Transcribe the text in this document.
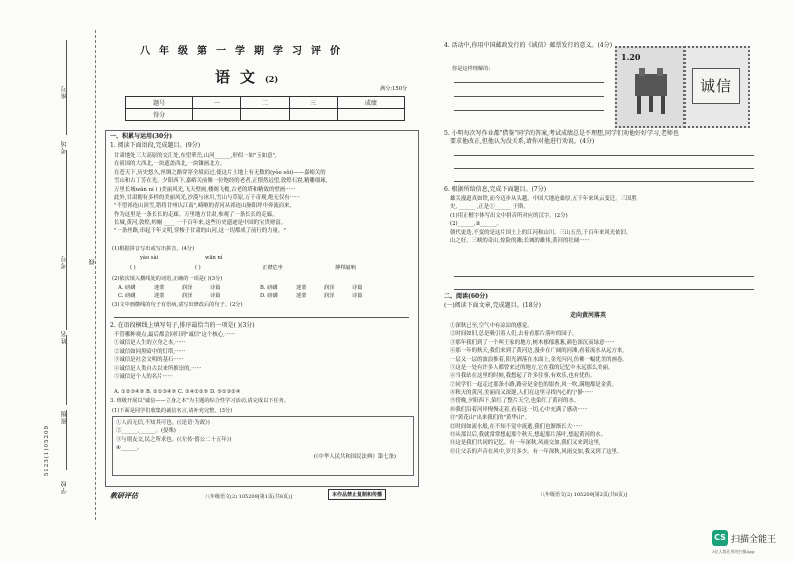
座号
考场
考号
姓名
班级
学校
5123(1)05209
线
八年级第一学期学习评价
语文(2)
满分:150分
题号	一	二	三	成绩
得分				
一、积累与运用(30分)
1. 阅读下面语段,完成题目。(9分)
甘肃地处三大高原的交汇处,东望華岳,山河______,形似一如"玉如意",
在祖国的大西北,一块遮盖西北,一块镶画北方。
在苍天下,历史悠久,丝绸之路穿穿全境而过,使这片土地上有无数的(yòo sǒi)——嘉峪关的
雪山和古丁芳在光。夕阳西下,嘉峪关前像一位饱经的老者,正憬然远望,敦煌石窟,精雕细琢,
万里长城wǎn ní ( )美丽风光,飞天壁画,楼阁飞檐,古老的塔和精致的壁画······
此外,甘肃拥有多样的美丽风光,沙漠与冰川,雪山与草原,万千奇观,绝无仅有······
"不望祁连山顶雪,错将甘州认江南",崎岖的青河从祁连山脉阳坪中奔流而来,
作为这里是一条长长的走廊。万里地方甘肃,参观了一条长长的走廊。
长城,黄河,敦煌,崆峒 ____ 一千百年来,这些历史遗迹是中国的宝贵财富。
"一条丝路,串起千年文明,穿梭于甘肃的山河,这一切都成了前行的力量。"
(1)根据拼音写出或写出拼音。(4分)
yào sài	wān ní
( )	( )	正襟危坐	搏栉敲响
(2)依次填入横线处的词语,正确的一项是( )(3分)
A. 磅礴	迷蒙	润泽	诗篇	B. 磅礴	迷蒙	润泽	诗篇
C. 磅礴	迷蒙	润泽	诗篇	D. 磅礴	迷蒙	润泽	诗篇
(3)文中画横线的句子有语病,请写出修改后的句子。(2分)
2. 在语段横线上填写句子,排序最恰当的一项是( )(3分)
不管哪种观点,最后都会回归到"诚信"这个核心,······
①诚信是人生的立身之本,······
②诚信如同黑暗中的灯塔,······
③诚信是社会文明的基石······
④诚信是人类自古以来所推崇的,······
⑤诚信是个人的名片······
A. ①②③④⑤ B. ②①③④⑤ C. ③④①②⑤ D. ⑤①③②④
3. 班级开展以"诚信——立身之本"为主题的综合性学习活动,请完成以下任务。
(1)下面是同学们收集的诚信名言,请补充完整。(3分)
①人而无信,不知其可也。(《论语·为政》)
②______,______。(晏殊)
③与朋友交,民之所求也。(《左传·僖公二十五年》)
④______。
(《中华人民共和国民法典》第七条)
教研评估	八年级语文(2) 105209[第1页(共8页)]	本作品禁止复制和传播
4. 活动中,你用中国邮政发行的《诚信》邮票发行的意义。(4分)
你是这样理解的:
1.20
诚信
5. 小明每次写作业都"借鉴"同学的答案,考试成绩总是不理想,同学们劝他好好学习,老师也
要求他改正,但他认为没关系,请你对他进行劝说。(4分)
6. 根据所给信息,完成下面题目。(7分)
雄关漫道真如铁,而今迈步从头越。中国大地沧桑厚,五千年来风云变迁。三国胜
史, ______ ,正是①______ 于斯。
(1)用正楷字体写出文中拼音所对应的汉字。(2分)
(2)______,②______。
朝代更迭,不变的是这片国土上的江河和山川。三山五岳,千百年来风光依旧。
山之好。三峡的奇山,惊险的滩;长城的雄伟,黄河的壮阔······
二、阅读(60分)
(一)阅读下面文章,完成题目。(18分)
走向黄河落英
①深秋已至,空气中有凉凉的感觉。
②时间如旧,总是吸引着人们,去看看那片落叶的园子。
③那年我们到了一个叫王家的地方,树木郁郁葱葱,颜色深沉而绿意······
④那一年的秋天,我们来到了黄河边,漫步在广阔的河滩,看着流水从远方来,
一层又一层的波浪推着,阳光洒落在水面上,金光闪闪,仿佛一幅优美的画卷。
⑤这是一处有许多人都曾来过的地方,它在我的记忆中永远那么美丽。
⑥当我站在这里的时候,我想起了许多往事,有欢乐,也有忧伤。
⑦同学们一起走过那条小路,路旁是金色的银杏,风一吹,满地都是金黄。
⑧秋天的黄河,美丽而又深邃,人们在这里寻找内心的宁静······
⑨傍晚,夕阳西下,染红了整片天空,也染红了黄河的水。
⑩我们沿着河岸慢慢走着,看着这一切,心中充满了感动······
⑪"黄花山"出来我们的"黄华山"。
⑫时间如流水般,在不知不觉中流逝,我们也渐渐长大······
⑬从那以后,我就常常想起那个秋天,想起那片落叶,想起黄河的水。
⑭这是我们共同的记忆。有一年深秋,风雨交加,我们又来到这里,
⑮让父亲的声音在风中,岁月多少。有一年深秋,风雨交加,我又到了这里。
八年级语文(2) 105209[第2页(共8页)]
CS 扫描全能王
3亿人都在用的扫描App
